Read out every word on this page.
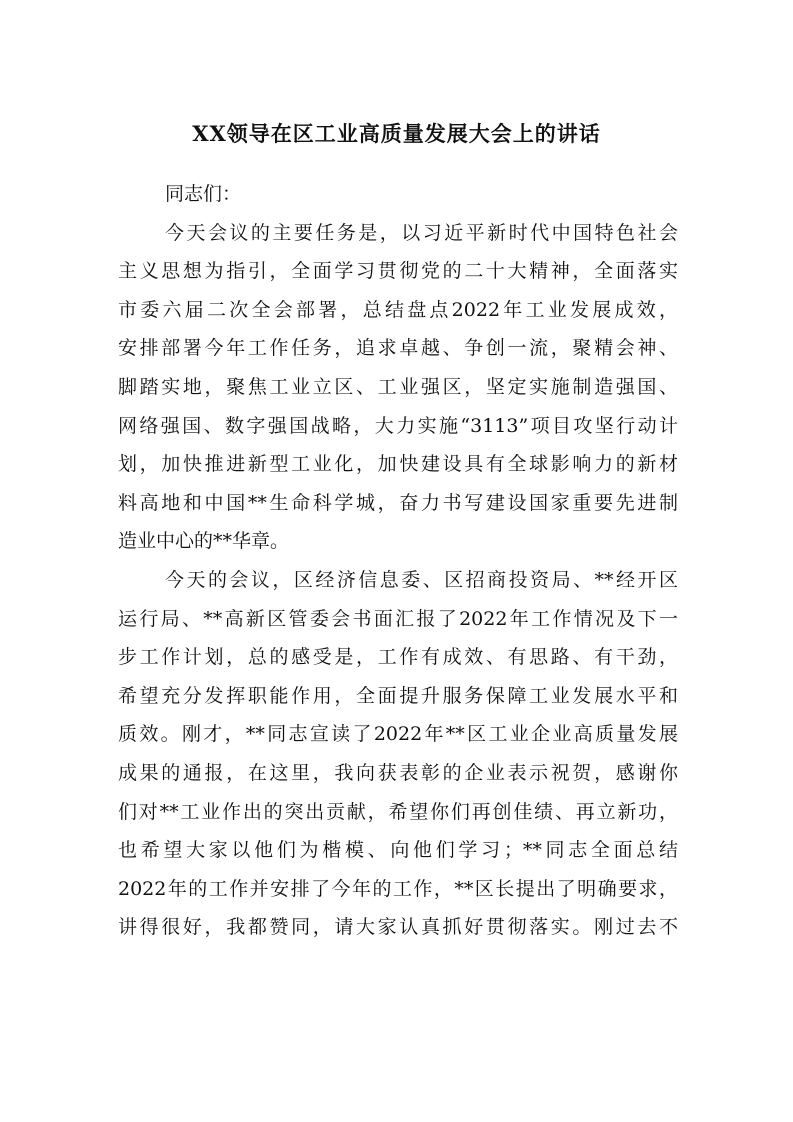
XX领导在区工业高质量发展大会上的讲话
同志们：
今天会议的主要任务是，以习近平新时代中国特色社会
主义思想为指引，全面学习贯彻党的二十大精神，全面落实
市委六届二次全会部署，总结盘点2022年工业发展成效，
安排部署今年工作任务，追求卓越、争创一流，聚精会神、
脚踏实地，聚焦工业立区、工业强区，坚定实施制造强国、
网络强国、数字强国战略，大力实施“3113”项目攻坚行动计
划，加快推进新型工业化，加快建设具有全球影响力的新材
料高地和中国**生命科学城，奋力书写建设国家重要先进制
造业中心的**华章。
今天的会议，区经济信息委、区招商投资局、**经开区
运行局、**高新区管委会书面汇报了2022年工作情况及下一
步工作计划，总的感受是，工作有成效、有思路、有干劲，
希望充分发挥职能作用，全面提升服务保障工业发展水平和
质效。刚才，**同志宣读了2022年**区工业企业高质量发展
成果的通报，在这里，我向获表彰的企业表示祝贺，感谢你
们对**工业作出的突出贡献，希望你们再创佳绩、再立新功，
也希望大家以他们为楷模、向他们学习；**同志全面总结
2022年的工作并安排了今年的工作，**区长提出了明确要求，
讲得很好，我都赞同，请大家认真抓好贯彻落实。刚过去不
